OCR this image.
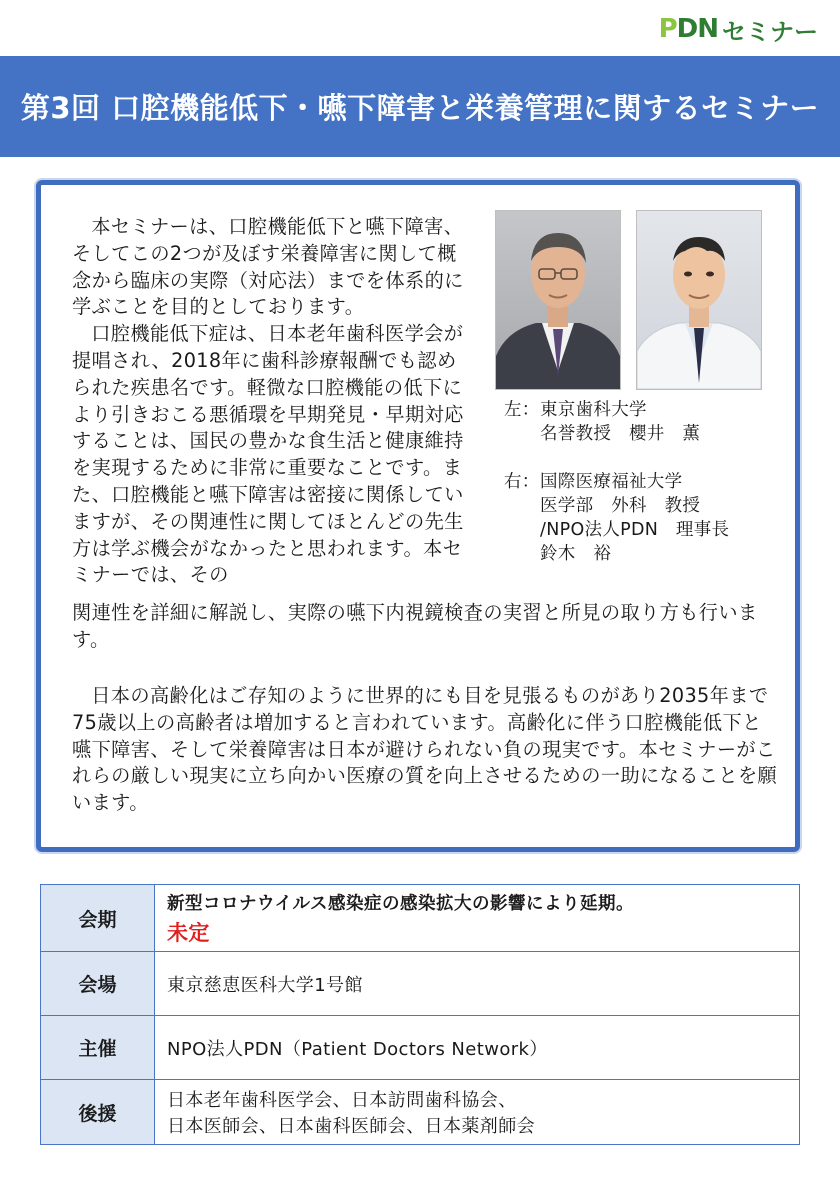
PDN セミナー
第3回 口腔機能低下・嚥下障害と栄養管理に関するセミナー

本セミナーは、口腔機能低下と嚥下障害、そしてこの2つが及ぼす栄養障害に関して概念から臨床の実際（対応法）までを体系的に学ぶことを目的としております。

口腔機能低下症は、日本老年歯科医学会が提唱され、2018年に歯科診療報酬でも認められた疾患名です。軽微な口腔機能の低下により引きおこる悪循環を早期発見・早期対応することは、国民の豊かな食生活と健康維持を実現するために非常に重要なことです。また、口腔機能と嚥下障害は密接に関係していますが、その関連性に関してほとんどの先生方は学ぶ機会がなかったと思われます。本セミナーでは、その

関連性を詳細に解説し、実際の嚥下内視鏡検査の実習と所見の取り方も行います。
日本の高齢化はご存知のように世界的にも目を見張るものがあり2035年まで75歳以上の高齢者は増加すると言われています。高齢化に伴う口腔機能低下と嚥下障害、そして栄養障害は日本が避けられない負の現実です。本セミナーがこれらの厳しい現実に立ち向かい医療の質を向上させるための一助になることを願います。
左： 東京歯科大学
名誉教授　櫻井　薫
右： 国際医療福祉大学
医学部　外科　教授
/NPO法人PDN　理事長
鈴木　裕
会期	新型コロナウイルス感染症の感染拡大の影響により延期。
未定

会場	東京慈恵医科大学1号館
主催	NPO法人PDN（Patient Doctors Network）
後援	日本老年歯科医学会、日本訪問歯科協会、
日本医師会、日本歯科医師会、日本薬剤師会
